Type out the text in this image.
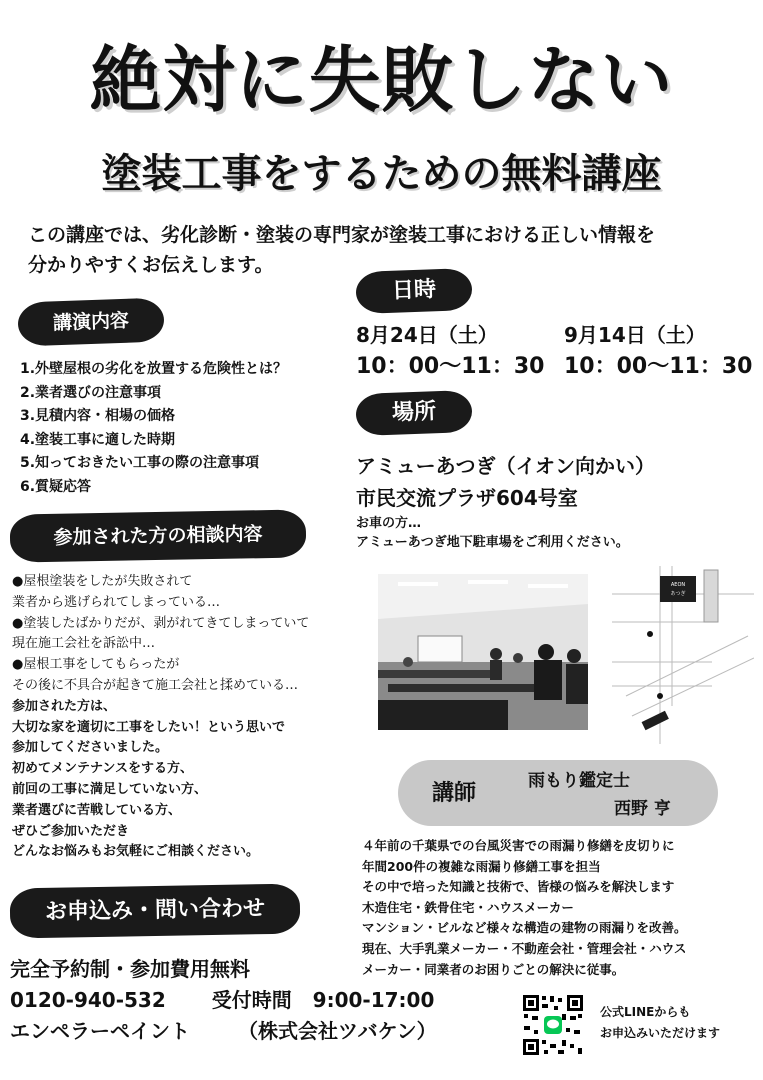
絶対に失敗しない
塗装工事をするための無料講座
この講座では、劣化診断・塗装の専門家が塗装工事における正しい情報を
分かりやすくお伝えします。
講演内容
1.外壁屋根の劣化を放置する危険性とは？
2.業者選びの注意事項
3.見積内容・相場の価格
4.塗装工事に適した時期
5.知っておきたい工事の際の注意事項
6.質疑応答
日時
8月24日（土）
10：00〜11：30
9月14日（土）
10：00〜11：30
場所
アミューあつぎ（イオン向かい）
市民交流プラザ604号室
お車の方…
アミューあつぎ地下駐車場をご利用ください。
参加された方の相談内容

●屋根塗装をしたが失敗されて

業者から逃げられてしまっている…

●塗装したばかりだが、剥がれてきてしまっていて

現在施工会社を訴訟中…

●屋根工事をしてもらったが

その後に不具合が起きて施工会社と揉めている…

参加された方は、

大切な家を適切に工事をしたい！という思いで

参加してくださいました。

初めてメンテナンスをする方、

前回の工事に満足していない方、

業者選びに苦戦している方、

ぜひご参加いただき

どんなお悩みもお気軽にご相談ください。

AEON
あつぎ
講師	雨もり鑑定士
西野 亨

４年前の千葉県での台風災害での雨漏り修繕を皮切りに

年間200件の複雑な雨漏り修繕工事を担当

その中で培った知識と技術で、皆様の悩みを解決します

木造住宅・鉄骨住宅・ハウスメーカー

マンション・ビルなど様々な構造の建物の雨漏りを改善。

現在、大手乳業メーカー・不動産会社・管理会社・ハウス

メーカー・同業者のお困りごとの解決に従事。

お申込み・問い合わせ

完全予約制・参加費用無料

0120-940-532 受付時間 9:00-17:00

エンペラーペイント （株式会社ツバケン）

公式LINEからも

お申込みいただけます
